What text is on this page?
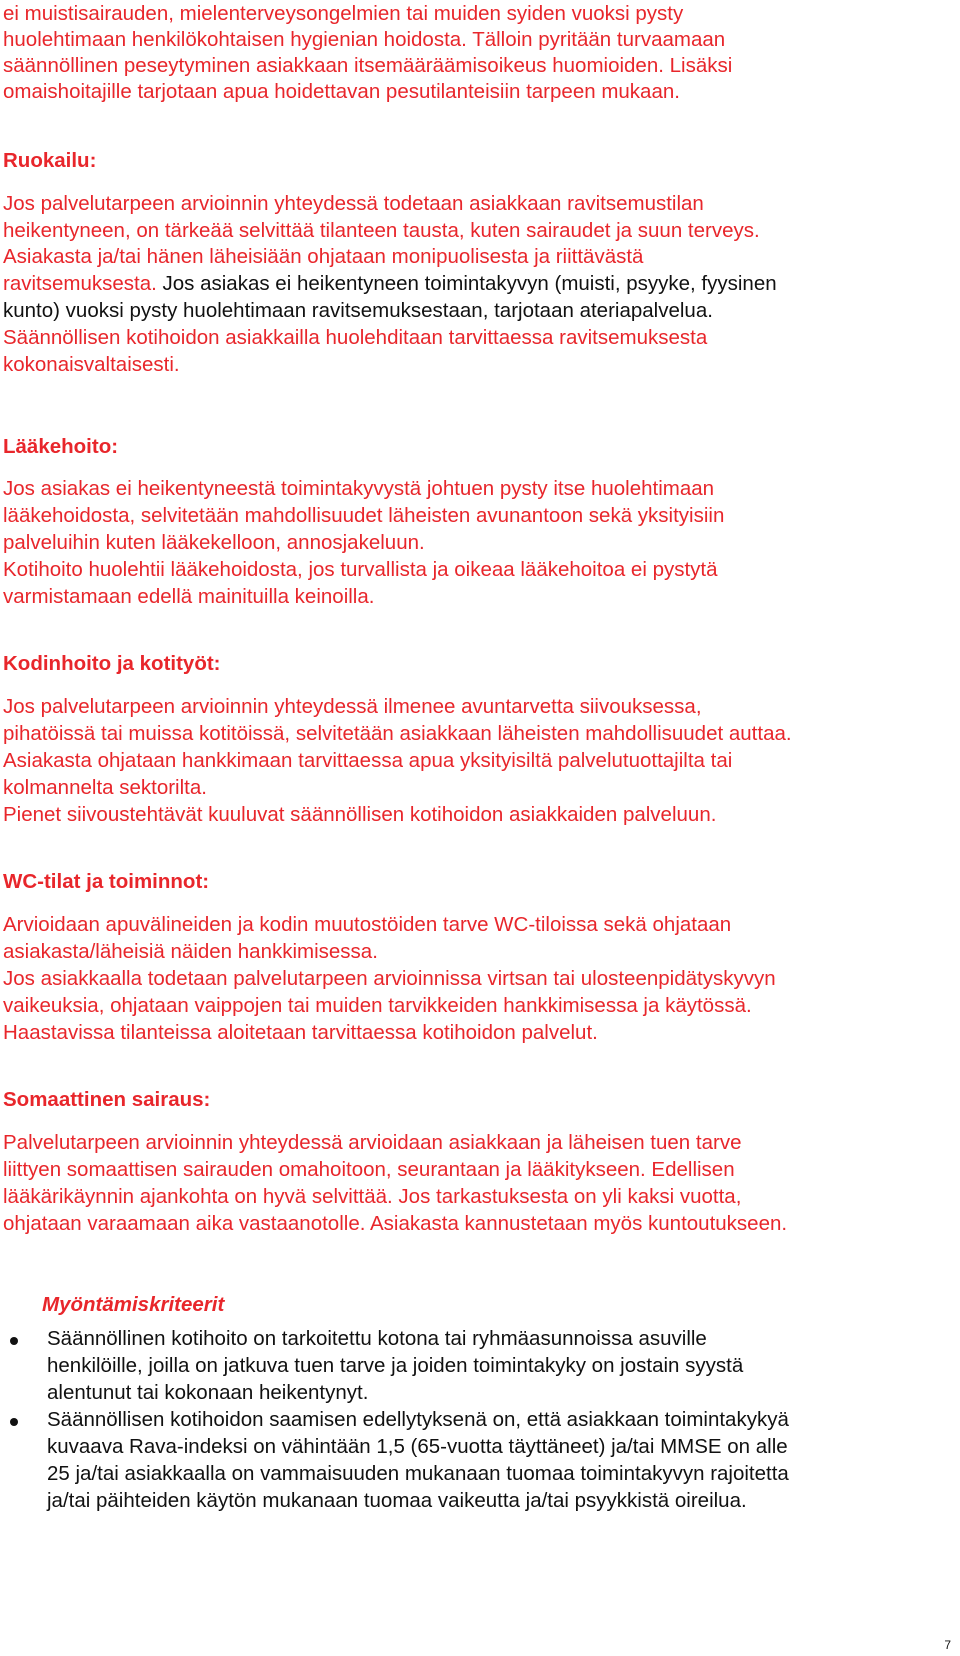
ei muistisairauden, mielenterveysongelmien tai muiden syiden vuoksi pysty

huolehtimaan henkilökohtaisen hygienian hoidosta. Tälloin pyritään turvaamaan

säännöllinen peseytyminen asiakkaan itsemääräämisoikeus huomioiden. Lisäksi

omaishoitajille tarjotaan apua hoidettavan pesutilanteisiin tarpeen mukaan.

Ruokailu:

Jos palvelutarpeen arvioinnin yhteydessä todetaan asiakkaan ravitsemustilan

heikentyneen, on tärkeää selvittää tilanteen tausta, kuten sairaudet ja suun terveys.

Asiakasta ja/tai hänen läheisiään ohjataan monipuolisesta ja riittävästä

ravitsemuksesta. Jos asiakas ei heikentyneen toimintakyvyn (muisti, psyyke, fyysinen

kunto) vuoksi pysty huolehtimaan ravitsemuksestaan, tarjotaan ateriapalvelua.

Säännöllisen kotihoidon asiakkailla huolehditaan tarvittaessa ravitsemuksesta

kokonaisvaltaisesti.

Lääkehoito:

Jos asiakas ei heikentyneestä toimintakyvystä johtuen pysty itse huolehtimaan

lääkehoidosta, selvitetään mahdollisuudet läheisten avunantoon sekä yksityisiin

palveluihin kuten lääkekelloon, annosjakeluun.

Kotihoito huolehtii lääkehoidosta, jos turvallista ja oikeaa lääkehoitoa ei pystytä

varmistamaan edellä mainituilla keinoilla.

Kodinhoito ja kotityöt:

Jos palvelutarpeen arvioinnin yhteydessä ilmenee avuntarvetta siivouksessa,

pihatöissä tai muissa kotitöissä, selvitetään asiakkaan läheisten mahdollisuudet auttaa.

Asiakasta ohjataan hankkimaan tarvittaessa apua yksityisiltä palvelutuottajilta tai

kolmannelta sektorilta.

Pienet siivoustehtävät kuuluvat säännöllisen kotihoidon asiakkaiden palveluun.

WC-tilat ja toiminnot:

Arvioidaan apuvälineiden ja kodin muutostöiden tarve WC-tiloissa sekä ohjataan

asiakasta/läheisiä näiden hankkimisessa.

Jos asiakkaalla todetaan palvelutarpeen arvioinnissa virtsan tai ulosteenpidätyskyvyn

vaikeuksia, ohjataan vaippojen tai muiden tarvikkeiden hankkimisessa ja käytössä.

Haastavissa tilanteissa aloitetaan tarvittaessa kotihoidon palvelut.

Somaattinen sairaus:

Palvelutarpeen arvioinnin yhteydessä arvioidaan asiakkaan ja läheisen tuen tarve

liittyen somaattisen sairauden omahoitoon, seurantaan ja lääkitykseen. Edellisen

lääkärikäynnin ajankohta on hyvä selvittää. Jos tarkastuksesta on yli kaksi vuotta,

ohjataan varaamaan aika vastaanotolle. Asiakasta kannustetaan myös kuntoutukseen.

Myöntämiskriteerit

Säännöllinen kotihoito on tarkoitettu kotona tai ryhmäasunnoissa asuville

henkilöille, joilla on jatkuva tuen tarve ja joiden toimintakyky on jostain syystä

alentunut tai kokonaan heikentynyt.

Säännöllisen kotihoidon saamisen edellytyksenä on, että asiakkaan toimintakykyä

kuvaava Rava-indeksi on vähintään 1,5 (65-vuotta täyttäneet) ja/tai MMSE on alle

25 ja/tai asiakkaalla on vammaisuuden mukanaan tuomaa toimintakyvyn rajoitetta

ja/tai päihteiden käytön mukanaan tuomaa vaikeutta ja/tai psyykkistä oireilua.

7
